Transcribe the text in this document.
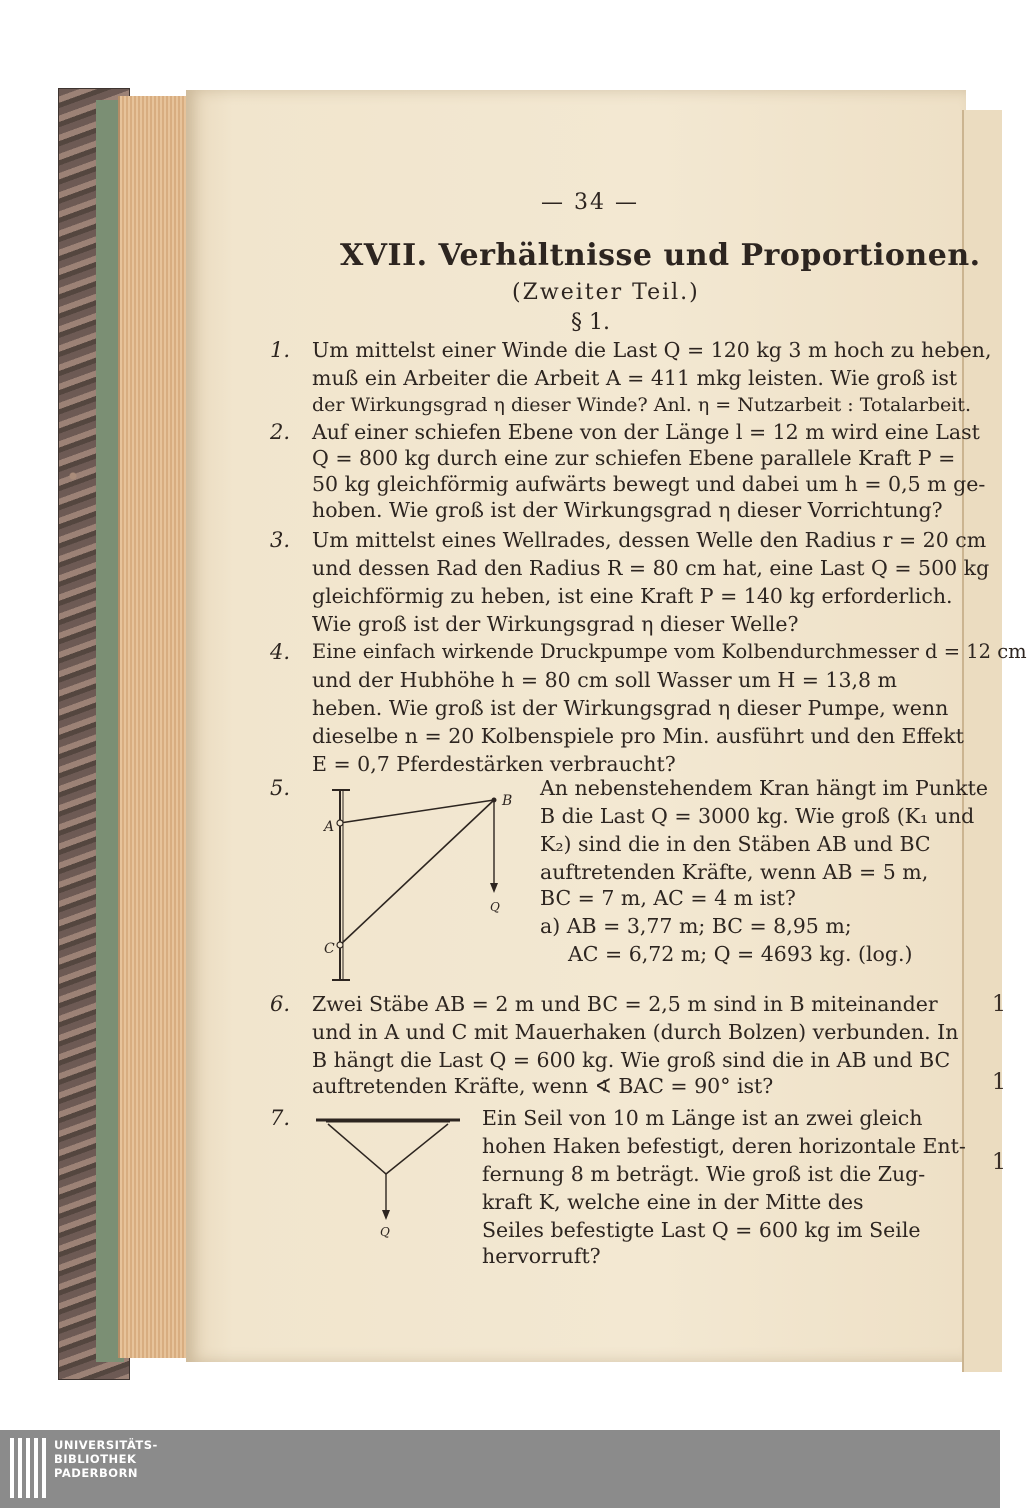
1
1
1
— 34 —
XVII. Verhältnisse und Proportionen.
(Zweiter Teil.)
§ 1.
1. Um mittelst einer Winde die Last Q = 120 kg 3 m hoch zu heben,
muß ein Arbeiter die Arbeit A = 411 mkg leisten. Wie groß ist
der Wirkungsgrad η dieser Winde? Anl. η = Nutzarbeit : Totalarbeit.
2. Auf einer schiefen Ebene von der Länge l = 12 m wird eine Last
Q = 800 kg durch eine zur schiefen Ebene parallele Kraft P =
50 kg gleichförmig aufwärts bewegt und dabei um h = 0,5 m ge-
hoben. Wie groß ist der Wirkungsgrad η dieser Vorrichtung?
3. Um mittelst eines Wellrades, dessen Welle den Radius r = 20 cm
und dessen Rad den Radius R = 80 cm hat, eine Last Q = 500 kg
gleichförmig zu heben, ist eine Kraft P = 140 kg erforderlich.
Wie groß ist der Wirkungsgrad η dieser Welle?
4. Eine einfach wirkende Druckpumpe vom Kolbendurchmesser d = 12 cm
und der Hubhöhe h = 80 cm soll Wasser um H = 13,8 m
heben. Wie groß ist der Wirkungsgrad η dieser Pumpe, wenn
dieselbe n = 20 Kolbenspiele pro Min. ausführt und den Effekt
E = 0,7 Pferdestärken verbraucht?
5.
A
B
C
Q
An nebenstehendem Kran hängt im Punkte
B die Last Q = 3000 kg. Wie groß (K₁ und
K₂) sind die in den Stäben AB und BC
auftretenden Kräfte, wenn AB = 5 m,
BC = 7 m, AC = 4 m ist?
a) AB = 3,77 m; BC = 8,95 m;
AC = 6,72 m; Q = 4693 kg. (log.)
6. Zwei Stäbe AB = 2 m und BC = 2,5 m sind in B miteinander
und in A und C mit Mauerhaken (durch Bolzen) verbunden. In
B hängt die Last Q = 600 kg. Wie groß sind die in AB und BC
auftretenden Kräfte, wenn ∢ BAC = 90° ist?
7.
Q
Ein Seil von 10 m Länge ist an zwei gleich
hohen Haken befestigt, deren horizontale Ent-
fernung 8 m beträgt. Wie groß ist die Zug-
kraft K, welche eine in der Mitte des
Seiles befestigte Last Q = 600 kg im Seile
hervorruft?
UNIVERSITÄTS-
BIBLIOTHEK
PADERBORN
